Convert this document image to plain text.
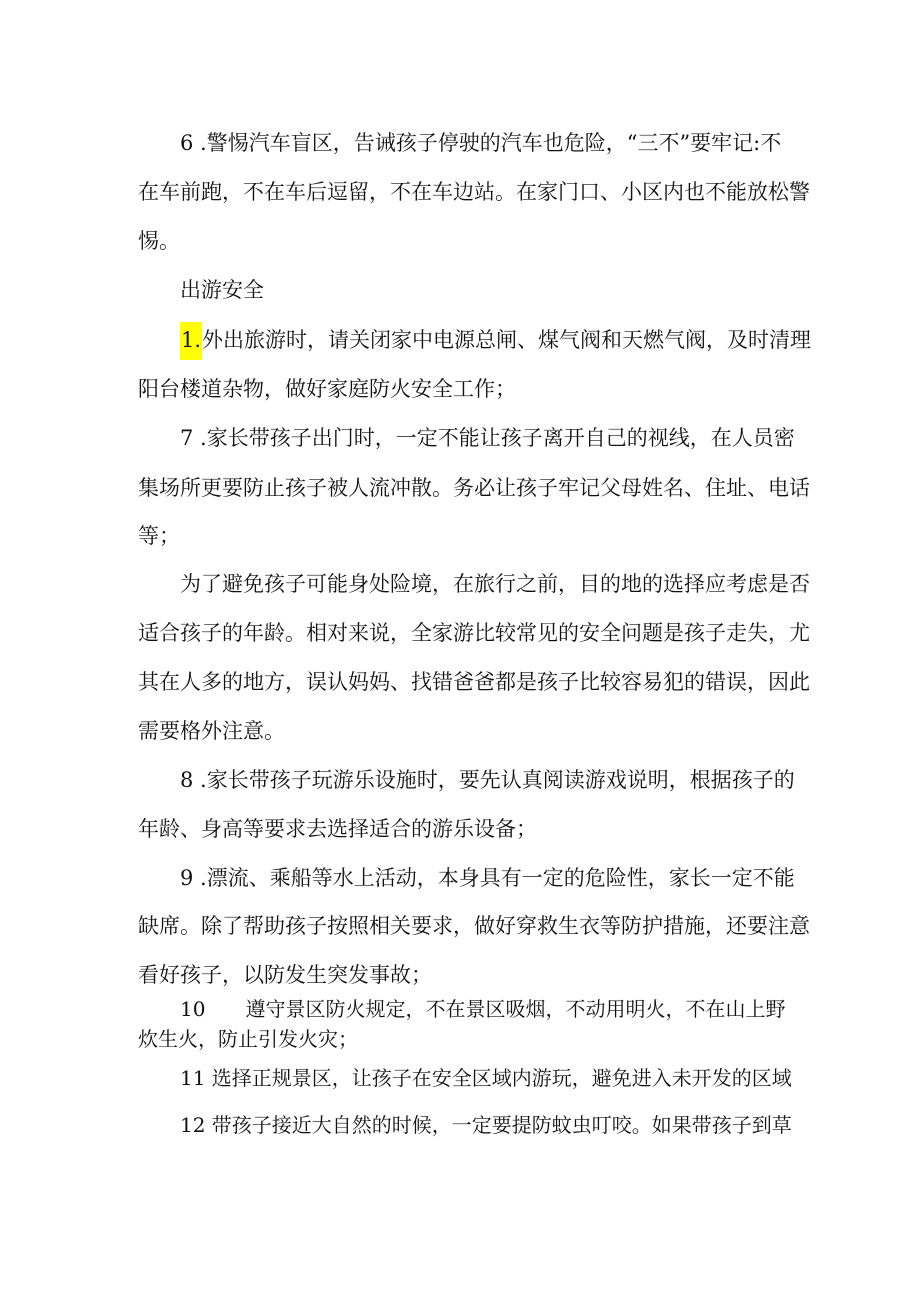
6 .警惕汽车盲区，告诫孩子停驶的汽车也危险，“三不”要牢记:不
在车前跑，不在车后逗留，不在车边站。在家门口、小区内也不能放松警
惕。
出游安全
1.外出旅游时，请关闭家中电源总闸、煤气阀和天燃气阀，及时清理
阳台楼道杂物，做好家庭防火安全工作；
7 .家长带孩子出门时，一定不能让孩子离开自己的视线，在人员密
集场所更要防止孩子被人流冲散。务必让孩子牢记父母姓名、住址、电话
等；
为了避免孩子可能身处险境，在旅行之前，目的地的选择应考虑是否
适合孩子的年龄。相对来说，全家游比较常见的安全问题是孩子走失，尤
其在人多的地方，误认妈妈、找错爸爸都是孩子比较容易犯的错误，因此
需要格外注意。
8 .家长带孩子玩游乐设施时，要先认真阅读游戏说明，根据孩子的
年龄、身高等要求去选择适合的游乐设备；
9 .漂流、乘船等水上活动，本身具有一定的危险性，家长一定不能
缺席。除了帮助孩子按照相关要求，做好穿救生衣等防护措施，还要注意
看好孩子，以防发生突发事故；
10 遵守景区防火规定，不在景区吸烟，不动用明火，不在山上野
炊生火，防止引发火灾；
11 选择正规景区，让孩子在安全区域内游玩，避免进入未开发的区域
12 带孩子接近大自然的时候，一定要提防蚊虫叮咬。如果带孩子到草
